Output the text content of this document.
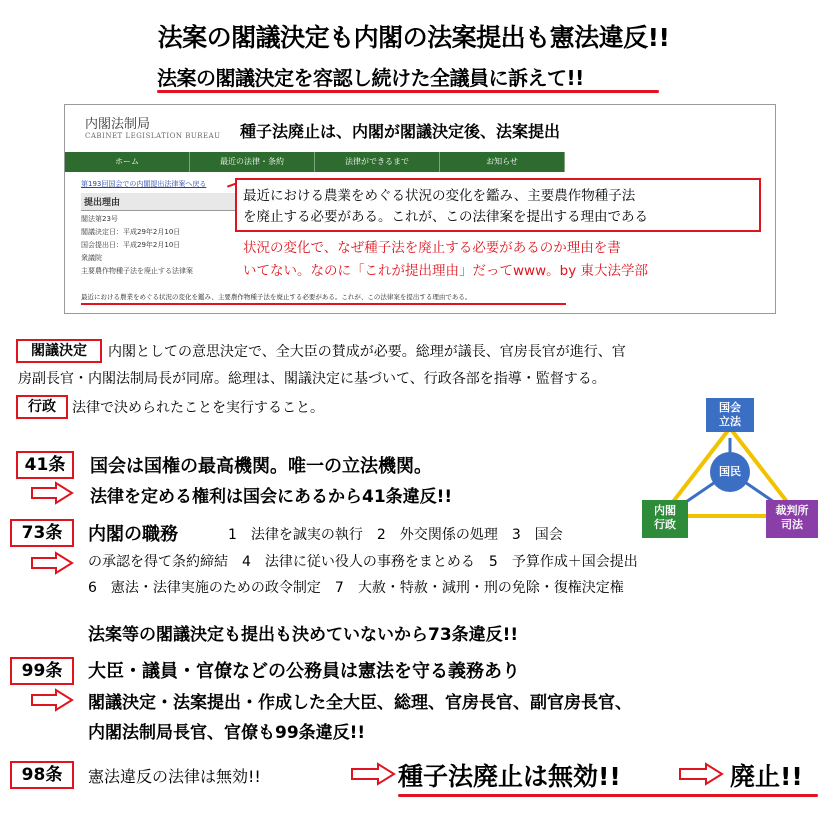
法案の閣議決定も内閣の法案提出も憲法違反!!
法案の閣議決定を容認し続けた全議員に訴えて!!
内閣法制局
CABINET LEGISLATION BUREAU 種子法廃止は、内閣が閣議決定後、法案提出
ホーム	最近の法律・条約	法律ができるまで	お知らせ
第193回国会での内閣提出法律案へ戻る
提出理由
閣法第23号
閣議決定日：平成29年2月10日
国会提出日：平成29年2月10日
衆議院
主要農作物種子法を廃止する法律案
最近における農業をめぐる状況の変化を鑑み、主要農作物種子法を廃止する必要がある。これが、この法律案を提出する理由である。
最近における農業をめぐる状況の変化を鑑み、主要農作物種子法
を廃止する必要がある。これが、この法律案を提出する理由である
状況の変化で、なぜ種子法を廃止する必要があるのか理由を書
いてない。なのに「これが提出理由」だってwww。by 東大法学部
閣議決定	内閣としての意思決定で、全大臣の賛成が必要。総理が議長、官房長官が進行、官
房副長官・内閣法制局長が同席。総理は、閣議決定に基づいて、行政各部を指導・監督する。
行政	法律で決められたことを実行すること。	国会
立法
国民
内閣
行政
裁判所
司法
41条	国会は国権の最高機関。唯一の立法機関。
法律を定める権利は国会にあるから41条違反!!
73条	内閣の職務	1　法律を誠実の執行　2　外交関係の処理　3　国会
の承認を得て条約締結　4　法律に従い役人の事務をまとめる　5　予算作成＋国会提出
6　憲法・法律実施のための政令制定　7　大赦・特赦・減刑・刑の免除・復権決定権
法案等の閣議決定も提出も決めていないから73条違反!!
99条	大臣・議員・官僚などの公務員は憲法を守る義務あり
閣議決定・法案提出・作成した全大臣、総理、官房長官、副官房長官、
内閣法制局長官、官僚も99条違反!!
98条	憲法違反の法律は無効!!	種子法廃止は無効!!	廃止!!
